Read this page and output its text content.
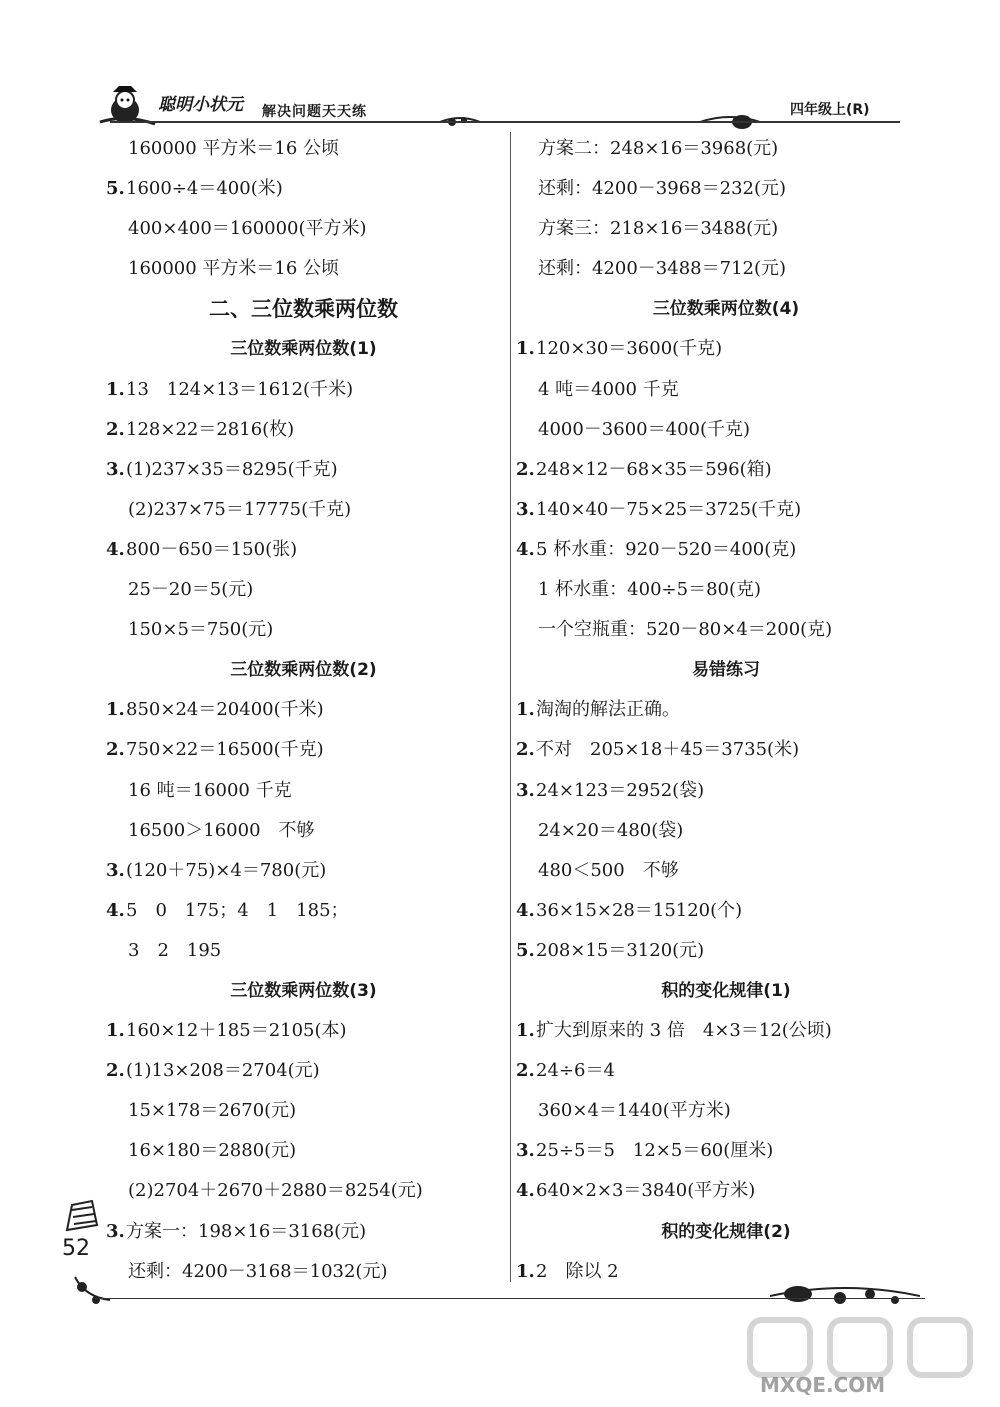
聪明小状元 解决问题天天练	四年级上(R)
160000 平方米＝16 公顷
5.1600÷4＝400(米)
400×400＝160000(平方米)
160000 平方米＝16 公顷
二、三位数乘两位数
三位数乘两位数(1)
1.13　124×13＝1612(千米)
2.128×22＝2816(枚)
3.(1)237×35＝8295(千克)
(2)237×75＝17775(千克)
4.800－650＝150(张)
25－20＝5(元)
150×5＝750(元)
三位数乘两位数(2)
1.850×24＝20400(千米)
2.750×22＝16500(千克)
16 吨＝16000 千克
16500＞16000　不够
3.(120＋75)×4＝780(元)
4.5　0　175；4　1　185；
3　2　195
三位数乘两位数(3)
1.160×12＋185＝2105(本)
2.(1)13×208＝2704(元)
15×178＝2670(元)
16×180＝2880(元)
(2)2704＋2670＋2880＝8254(元)
3.方案一：198×16＝3168(元)
还剩：4200－3168＝1032(元)
方案二：248×16＝3968(元)
还剩：4200－3968＝232(元)
方案三：218×16＝3488(元)
还剩：4200－3488＝712(元)
三位数乘两位数(4)
1.120×30＝3600(千克)
4 吨＝4000 千克
4000－3600＝400(千克)
2.248×12－68×35＝596(箱)
3.140×40－75×25＝3725(千克)
4.5 杯水重：920－520＝400(克)
1 杯水重：400÷5＝80(克)
一个空瓶重：520－80×4＝200(克)
易错练习
1.淘淘的解法正确。
2.不对　205×18＋45＝3735(米)
3.24×123＝2952(袋)
24×20＝480(袋)
480＜500　不够
4.36×15×28＝15120(个)
5.208×15＝3120(元)
积的变化规律(1)
1.扩大到原来的 3 倍　4×3＝12(公顷)
2.24÷6＝4
360×4＝1440(平方米)
3.25÷5＝5　12×5＝60(厘米)
4.640×2×3＝3840(平方米)
积的变化规律(2)
1.2　除以 2
52
MXQE.COM
